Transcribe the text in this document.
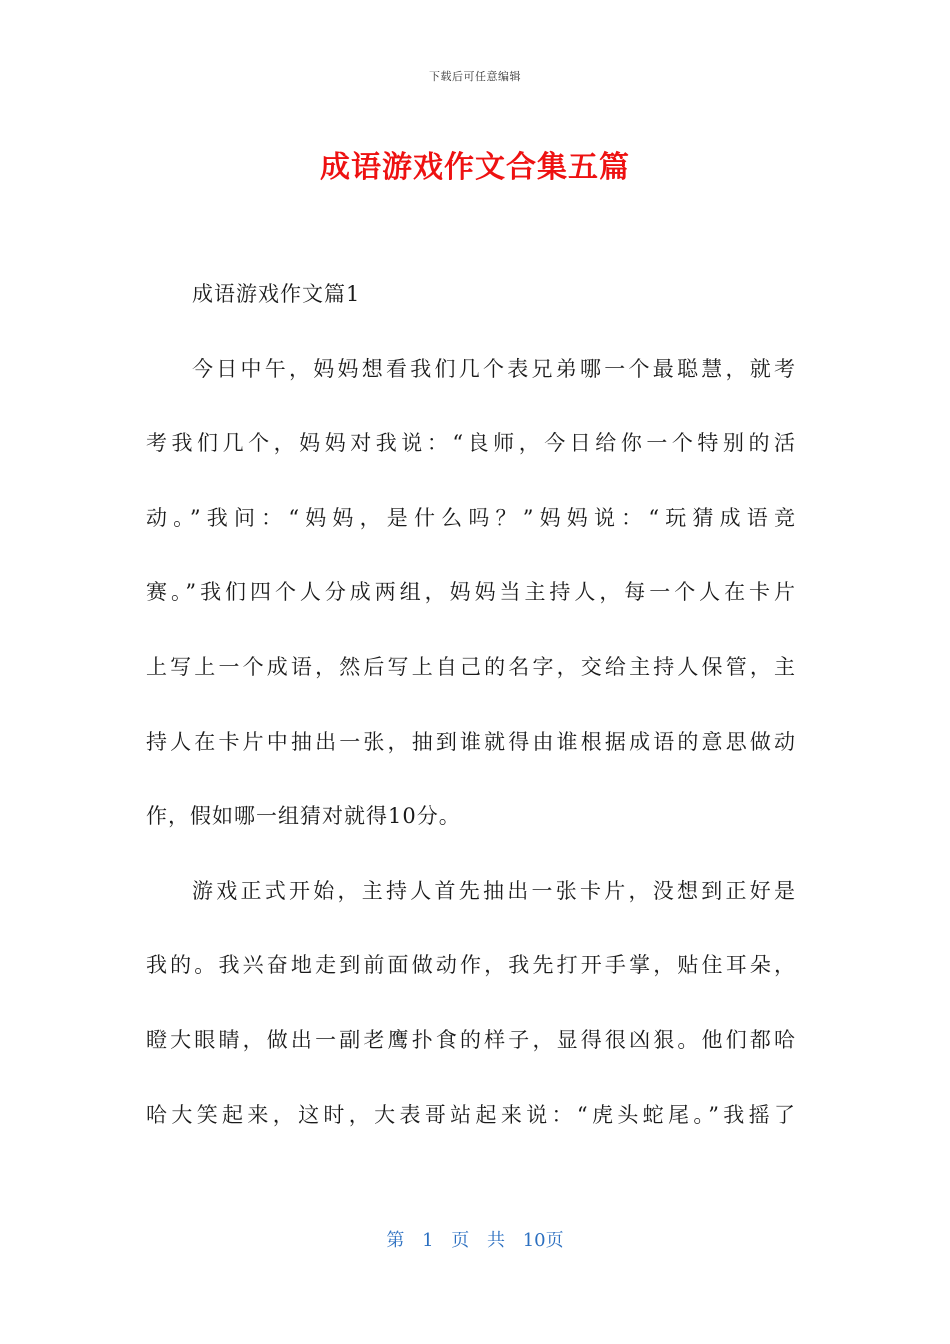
下载后可任意编辑
成语游戏作文合集五篇
成语游戏作文篇1
今日中午，妈妈想看我们几个表兄弟哪一个最聪慧，就考
考我们几个，妈妈对我说：“良师，今日给你一个特别的活
动。”我问：“妈妈，是什么吗？”妈妈说：“玩猜成语竞
赛。”我们四个人分成两组，妈妈当主持人，每一个人在卡片
上写上一个成语，然后写上自己的名字，交给主持人保管，主
持人在卡片中抽出一张，抽到谁就得由谁根据成语的意思做动
作，假如哪一组猜对就得10分。
游戏正式开始，主持人首先抽出一张卡片，没想到正好是
我的。我兴奋地走到前面做动作，我先打开手掌，贴住耳朵，
瞪大眼睛，做出一副老鹰扑食的样子，显得很凶狠。他们都哈
哈大笑起来，这时，大表哥站起来说：“虎头蛇尾。”我摇了
第 1 页 共 10页
